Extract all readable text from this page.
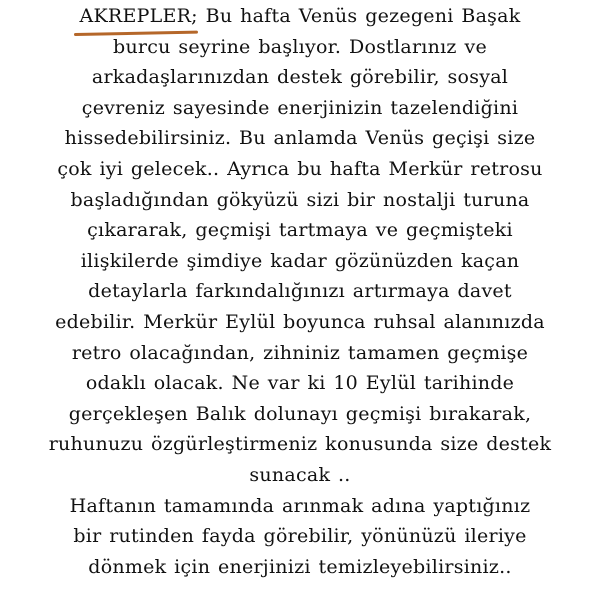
AKREPLER;
Bu hafta Venüs gezegeni Başak
burcu seyrine başlıyor. Dostlarınız ve
arkadaşlarınızdan destek görebilir, sosyal
çevreniz sayesinde enerjinizin tazelendiğini
hissedebilirsiniz. Bu anlamda Venüs geçişi size
çok iyi gelecek.. Ayrıca bu hafta Merkür retrosu
başladığından gökyüzü sizi bir nostalji turuna
çıkararak, geçmişi tartmaya ve geçmişteki
ilişkilerde şimdiye kadar gözünüzden kaçan
detaylarla farkındalığınızı artırmaya davet
edebilir. Merkür Eylül boyunca ruhsal alanınızda
retro olacağından, zihniniz tamamen geçmişe
odaklı olacak. Ne var ki 10 Eylül tarihinde
gerçekleşen Balık dolunayı geçmişi bırakarak,
ruhunuzu özgürleştirmeniz konusunda size destek
sunacak ..
Haftanın tamamında arınmak adına yaptığınız
bir rutinden fayda görebilir, yönünüzü ileriye
dönmek için enerjinizi temizleyebilirsiniz..
